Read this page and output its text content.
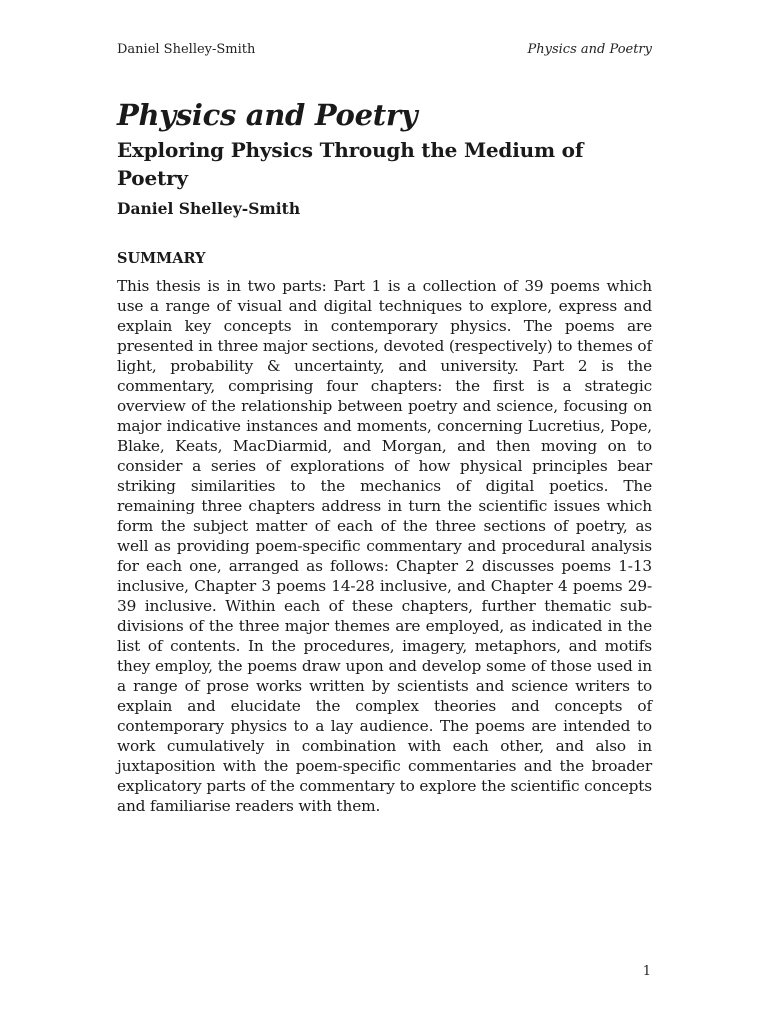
Daniel Shelley-Smith	Physics and Poetry
Physics and Poetry
Exploring Physics Through the Medium of Poetry

Daniel Shelley-Smith

SUMMARY

This thesis is in two parts: Part 1 is a collection of 39 poems which use a range of visual and digital techniques to explore, express and explain key concepts in contemporary physics. The poems are presented in three major sections, devoted (respectively) to themes of light, probability & uncertainty, and university. Part 2 is the commentary, comprising four chapters: the first is a strategic overview of the relationship between poetry and science, focusing on major indicative instances and moments, concerning Lucretius, Pope, Blake, Keats, MacDiarmid, and Morgan, and then moving on to consider a series of explorations of how physical principles bear striking similarities to the mechanics of digital poetics. The remaining three chapters address in turn the scientific issues which form the subject matter of each of the three sections of poetry, as well as providing poem-specific commentary and procedural analysis for each one, arranged as follows: Chapter 2 discusses poems 1-13 inclusive, Chapter 3 poems 14-28 inclusive, and Chapter 4 poems 29-39 inclusive. Within each of these chapters, further thematic sub-divisions of the three major themes are employed, as indicated in the list of contents. In the procedures, imagery, metaphors, and motifs they employ, the poems draw upon and develop some of those used in a range of prose works written by scientists and science writers to explain and elucidate the complex theories and concepts of contemporary physics to a lay audience. The poems are intended to work cumulatively in combination with each other, and also in juxtaposition with the poem-specific commentaries and the broader explicatory parts of the commentary to explore the scientific concepts and familiarise readers with them.

1
